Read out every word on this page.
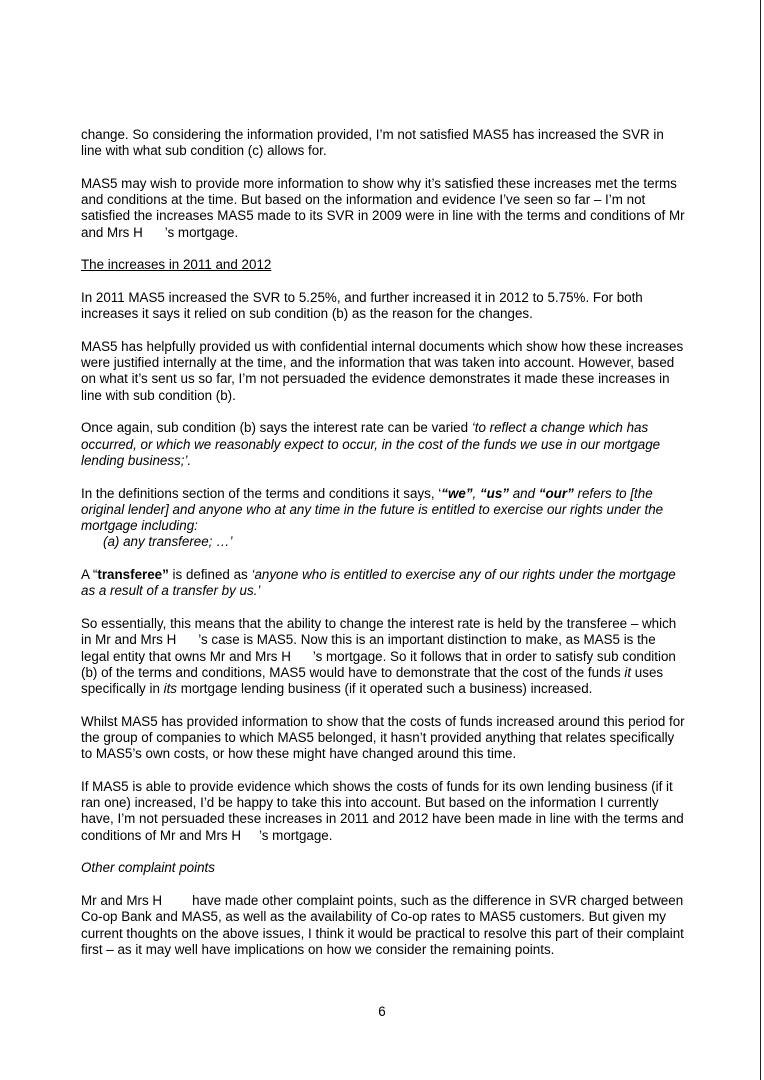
change. So considering the information provided, I’m not satisfied MAS5 has increased the SVR in line with what sub condition (c) allows for.

MAS5 may wish to provide more information to show why it’s satisfied these increases met the terms and conditions at the time. But based on the information and evidence I’ve seen so far – I’m not satisfied the increases MAS5 made to its SVR in 2009 were in line with the terms and conditions of Mr and Mrs H ’s mortgage.

The increases in 2011 and 2012

In 2011 MAS5 increased the SVR to 5.25%, and further increased it in 2012 to 5.75%. For both increases it says it relied on sub condition (b) as the reason for the changes.

MAS5 has helpfully provided us with confidential internal documents which show how these increases were justified internally at the time, and the information that was taken into account. However, based on what it’s sent us so far, I’m not persuaded the evidence demonstrates it made these increases in line with sub condition (b).

Once again, sub condition (b) says the interest rate can be varied ‘to reflect a change which has occurred, or which we reasonably expect to occur, in the cost of the funds we use in our mortgage lending business;’.

In the definitions section of the terms and conditions it says, ‘“we”, “us” and “our” refers to [the original lender] and anyone who at any time in the future is entitled to exercise our rights under the mortgage including:
(a) any transferee; …’

A “transferee” is defined as ‘anyone who is entitled to exercise any of our rights under the mortgage as a result of a transfer by us.’

So essentially, this means that the ability to change the interest rate is held by the transferee – which in Mr and Mrs H ’s case is MAS5. Now this is an important distinction to make, as MAS5 is the legal entity that owns Mr and Mrs H ’s mortgage. So it follows that in order to satisfy sub condition (b) of the terms and conditions, MAS5 would have to demonstrate that the cost of the funds it uses specifically in its mortgage lending business (if it operated such a business) increased.

Whilst MAS5 has provided information to show that the costs of funds increased around this period for the group of companies to which MAS5 belonged, it hasn’t provided anything that relates specifically to MAS5’s own costs, or how these might have changed around this time.

If MAS5 is able to provide evidence which shows the costs of funds for its own lending business (if it ran one) increased, I’d be happy to take this into account. But based on the information I currently have, I’m not persuaded these increases in 2011 and 2012 have been made in line with the terms and conditions of Mr and Mrs H ’s mortgage.

Other complaint points

Mr and Mrs H have made other complaint points, such as the difference in SVR charged between Co-op Bank and MAS5, as well as the availability of Co-op rates to MAS5 customers. But given my current thoughts on the above issues, I think it would be practical to resolve this part of their complaint first – as it may well have implications on how we consider the remaining points.

6
